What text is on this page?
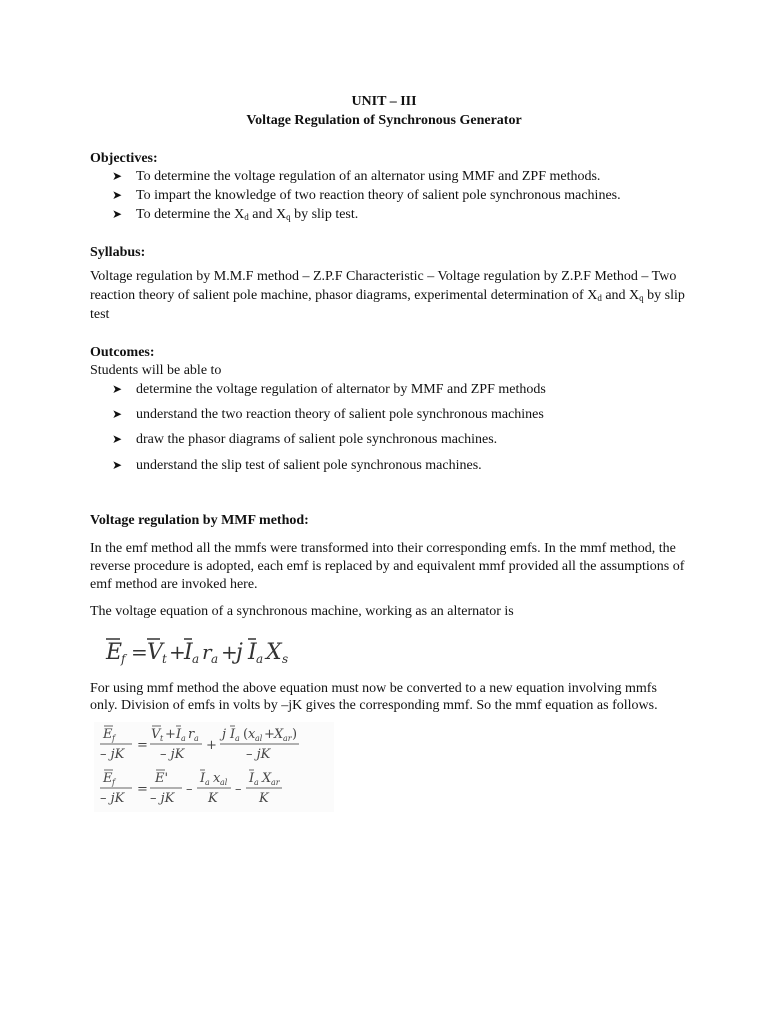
UNIT – III
Voltage Regulation of Synchronous Generator
Objectives:
➤ To determine the voltage regulation of an alternator using MMF and ZPF methods.
➤ To impart the knowledge of two reaction theory of salient pole synchronous machines.
➤ To determine the $X_d$ and $X_q$ by slip test.
Syllabus:
Voltage regulation by M.M.F method – Z.P.F Characteristic – Voltage regulation by Z.P.F Method – Two
reaction theory of salient pole machine, phasor diagrams, experimental determination of $X_d$ and $X_q$ by slip
test
Outcomes:
Students will be able to
➤ determine the voltage regulation of alternator by MMF and ZPF methods
➤ understand the two reaction theory of salient pole synchronous machines
➤ draw the phasor diagrams of salient pole synchronous machines.
➤ understand the slip test of salient pole synchronous machines.
Voltage regulation by MMF method:
In the emf method all the mmfs were transformed into their corresponding emfs. In the mmf method, the
reverse procedure is adopted, each emf is replaced by and equivalent mmf provided all the assumptions of
emf method are invoked here.
The voltage equation of a synchronous machine, working as an alternator is
E
f = V t +
I a r a +
j I a X s
For using mmf method the above equation must now be converted to a new equation involving mmfs
only. Division of emfs in volts by –jK gives the corresponding mmf. So the mmf equation as follows.
E f
– jK
=
V t + I a r a
– jK
+
j I a ( x al + X ar )
– jK
E f
– jK
=
E'
– jK
–
I a x al
K
–
I a X ar
K
